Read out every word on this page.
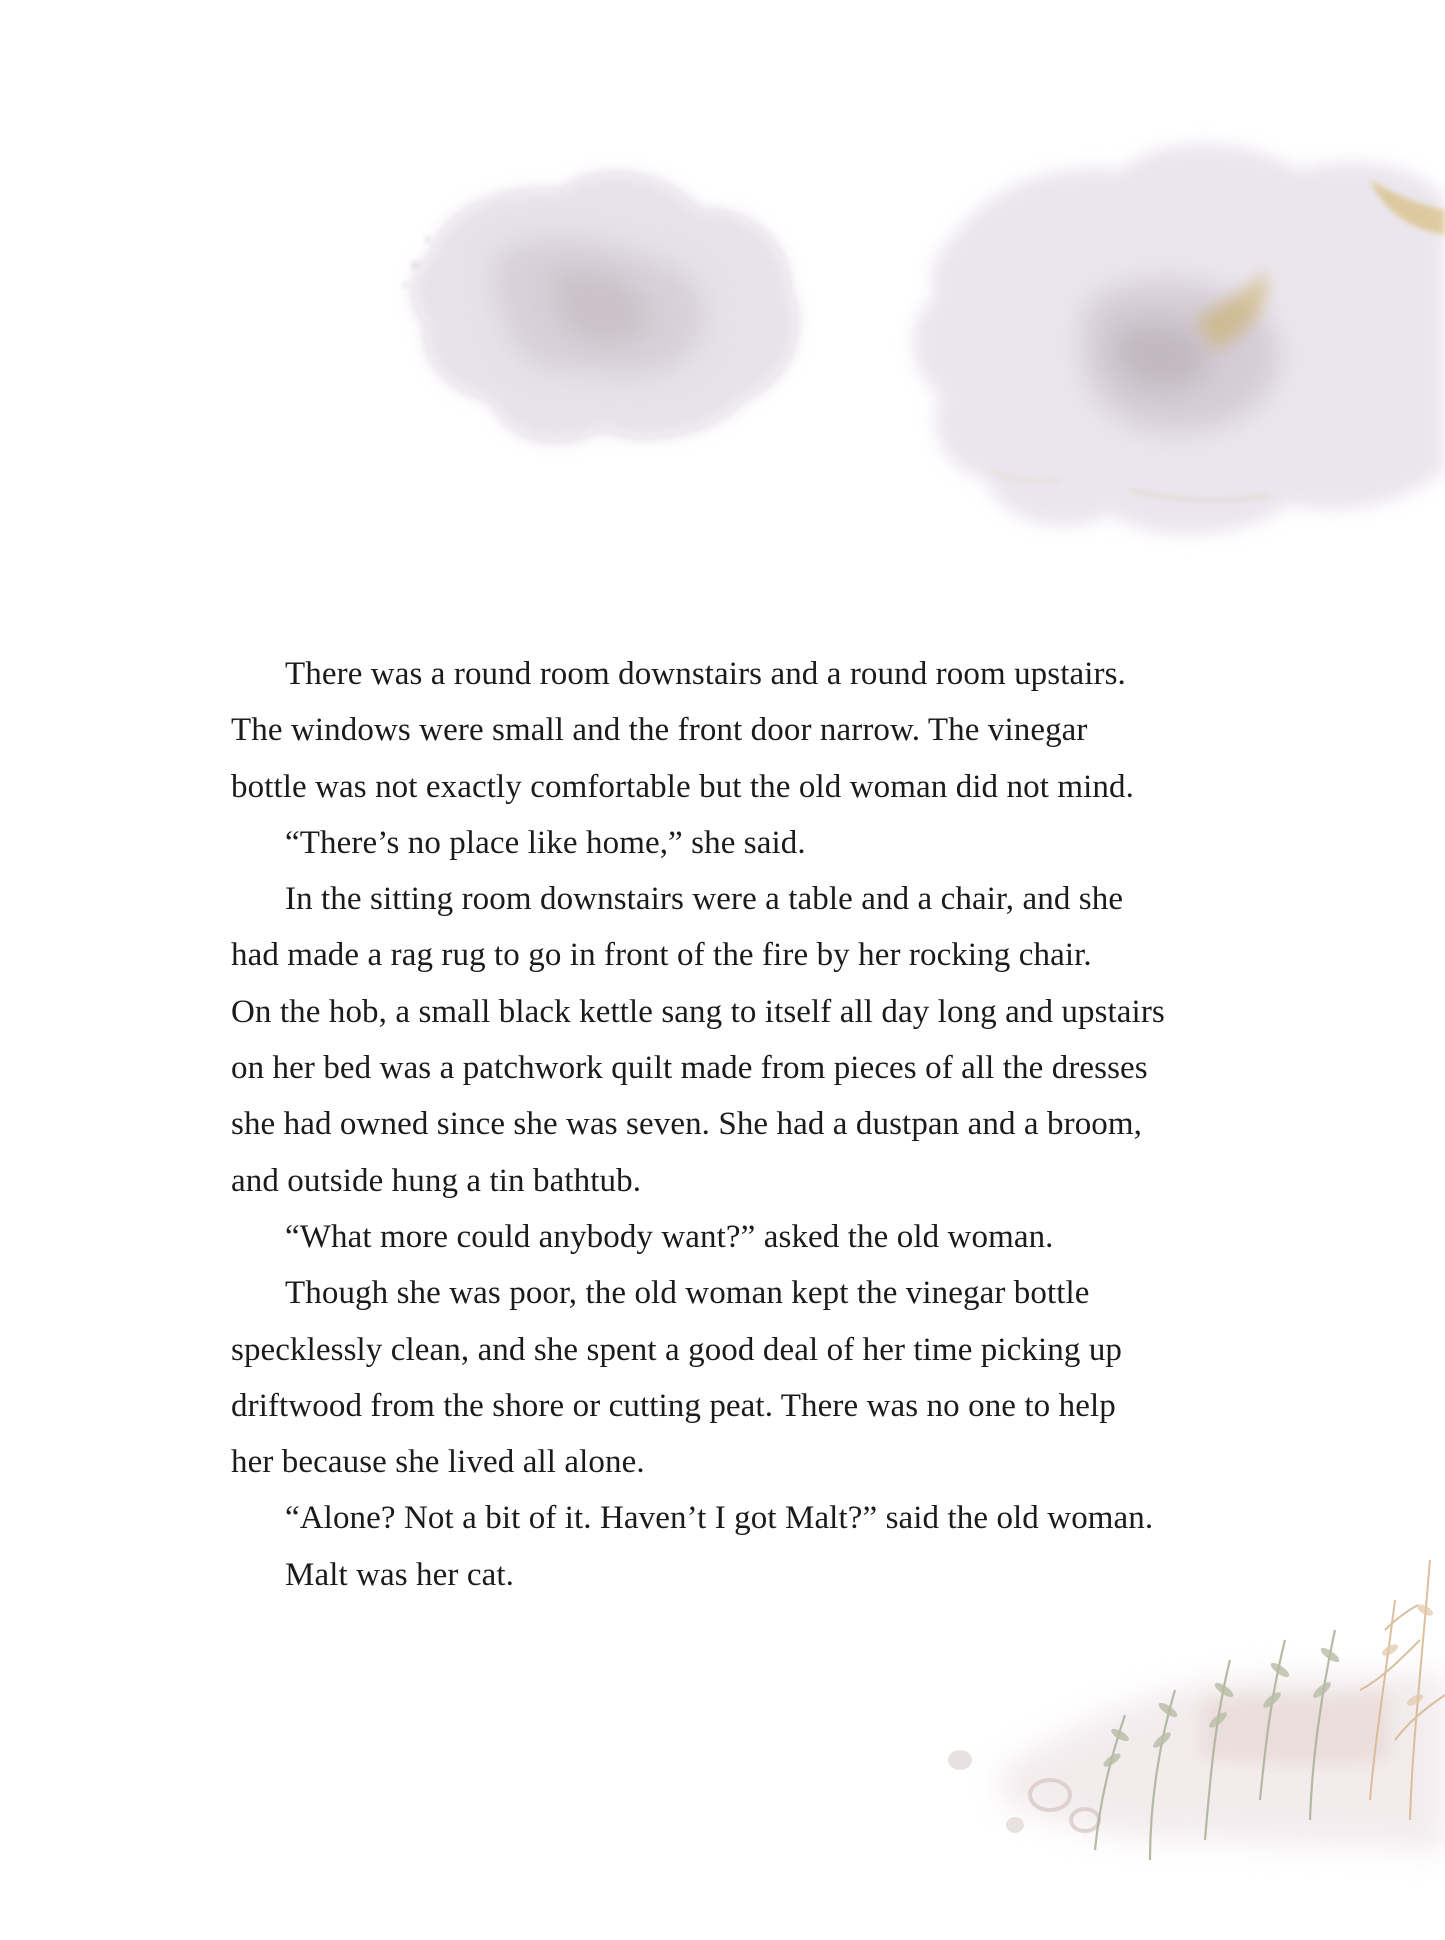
There was a round room downstairs and a round room upstairs.

The windows were small and the front door narrow. The vinegar

bottle was not exactly comfortable but the old woman did not mind.

“There’s no place like home,” she said.

In the sitting room downstairs were a table and a chair, and she

had made a rag rug to go in front of the fire by her rocking chair.

On the hob, a small black kettle sang to itself all day long and upstairs

on her bed was a patchwork quilt made from pieces of all the dresses

she had owned since she was seven. She had a dustpan and a broom,

and outside hung a tin bathtub.

“What more could anybody want?” asked the old woman.

Though she was poor, the old woman kept the vinegar bottle

specklessly clean, and she spent a good deal of her time picking up

driftwood from the shore or cutting peat. There was no one to help

her because she lived all alone.

“Alone? Not a bit of it. Haven’t I got Malt?” said the old woman.

Malt was her cat.
